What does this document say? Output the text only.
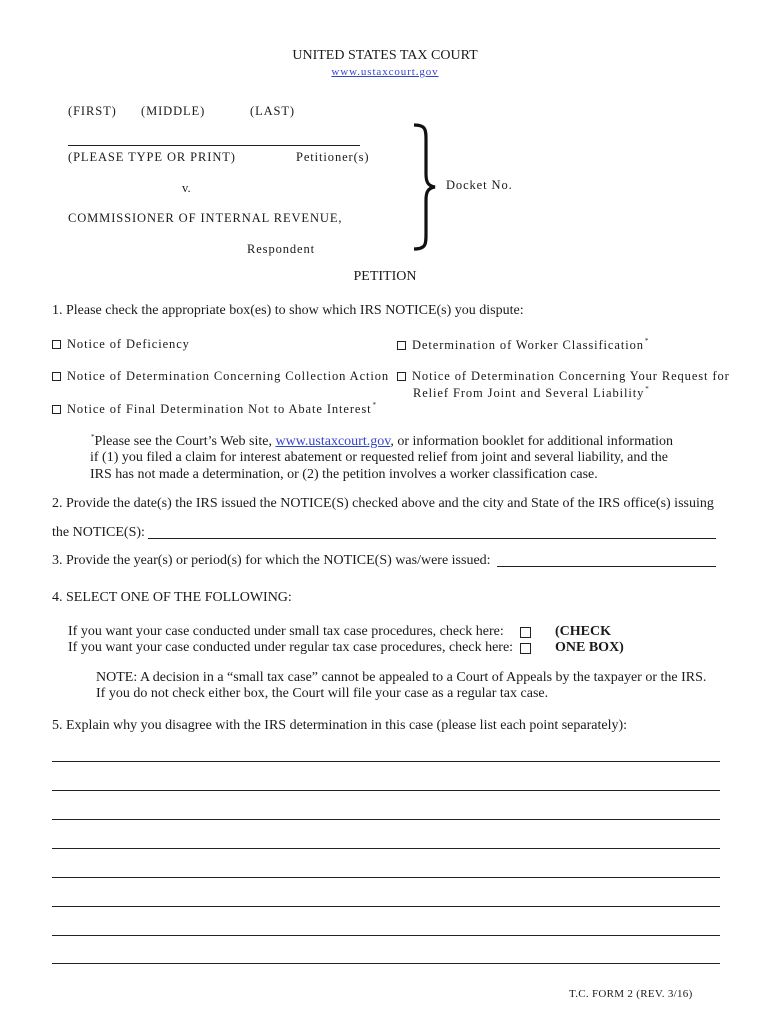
UNITED STATES TAX COURT
www.ustaxcourt.gov
(FIRST) (MIDDLE)	(LAST)
(PLEASE TYPE OR PRINT)	Petitioner(s)
v.
COMMISSIONER OF INTERNAL REVENUE,
Respondent
Docket No.
PETITION
1. Please check the appropriate box(es) to show which IRS NOTICE(s) you dispute:
Notice of Deficiency	Determination of Worker Classification*
Notice of Determination Concerning Collection Action	Notice of Determination Concerning Your Request for
Relief From Joint and Several Liability*
Notice of Final Determination Not to Abate Interest*
*Please see the Court’s Web site, www.ustaxcourt.gov, or information booklet for additional information
if (1) you filed a claim for interest abatement or requested relief from joint and several liability, and the
IRS has not made a determination, or (2) the petition involves a worker classification case.
2. Provide the date(s) the IRS issued the NOTICE(S) checked above and the city and State of the IRS office(s) issuing
the NOTICE(S):
3. Provide the year(s) or period(s) for which the NOTICE(S) was/were issued:
4. SELECT ONE OF THE FOLLOWING:
If you want your case conducted under small tax case procedures, check here:
If you want your case conducted under regular tax case procedures, check here:
(CHECK
ONE BOX)
NOTE: A decision in a “small tax case” cannot be appealed to a Court of Appeals by the taxpayer or the IRS.
If you do not check either box, the Court will file your case as a regular tax case.
5. Explain why you disagree with the IRS determination in this case (please list each point separately):
T.C. FORM 2 (REV. 3/16)
